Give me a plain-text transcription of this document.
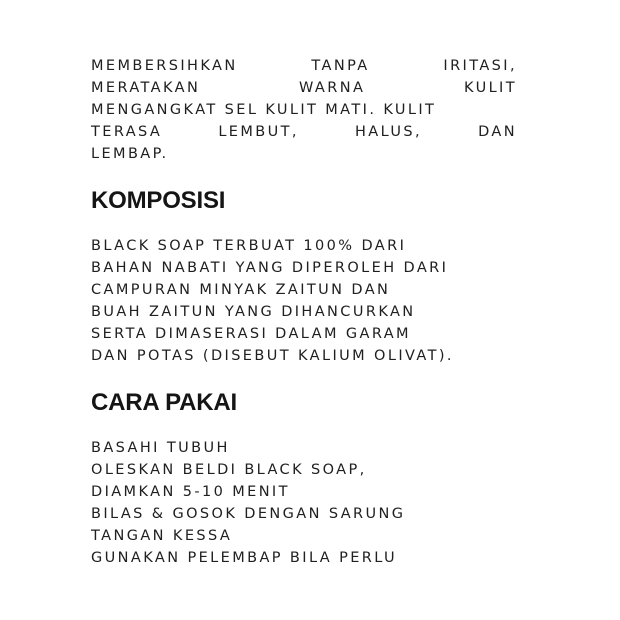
MEMBERSIHKAN	TANPA	IRITASI,
MERATAKAN	WARNA	KULIT
MENGANGKAT SEL KULIT MATI. KULIT
TERASA	LEMBUT,	HALUS,	DAN
LEMBAP.
KOMPOSISI
BLACK SOAP TERBUAT 100% DARI
BAHAN NABATI YANG DIPEROLEH DARI
CAMPURAN MINYAK ZAITUN DAN
BUAH ZAITUN YANG DIHANCURKAN
SERTA DIMASERASI DALAM GARAM
DAN POTAS (DISEBUT KALIUM OLIVAT).
CARA PAKAI
BASAHI TUBUH
OLESKAN BELDI BLACK SOAP,
DIAMKAN 5-10 MENIT
BILAS & GOSOK DENGAN SARUNG
TANGAN KESSA
GUNAKAN PELEMBAP BILA PERLU
